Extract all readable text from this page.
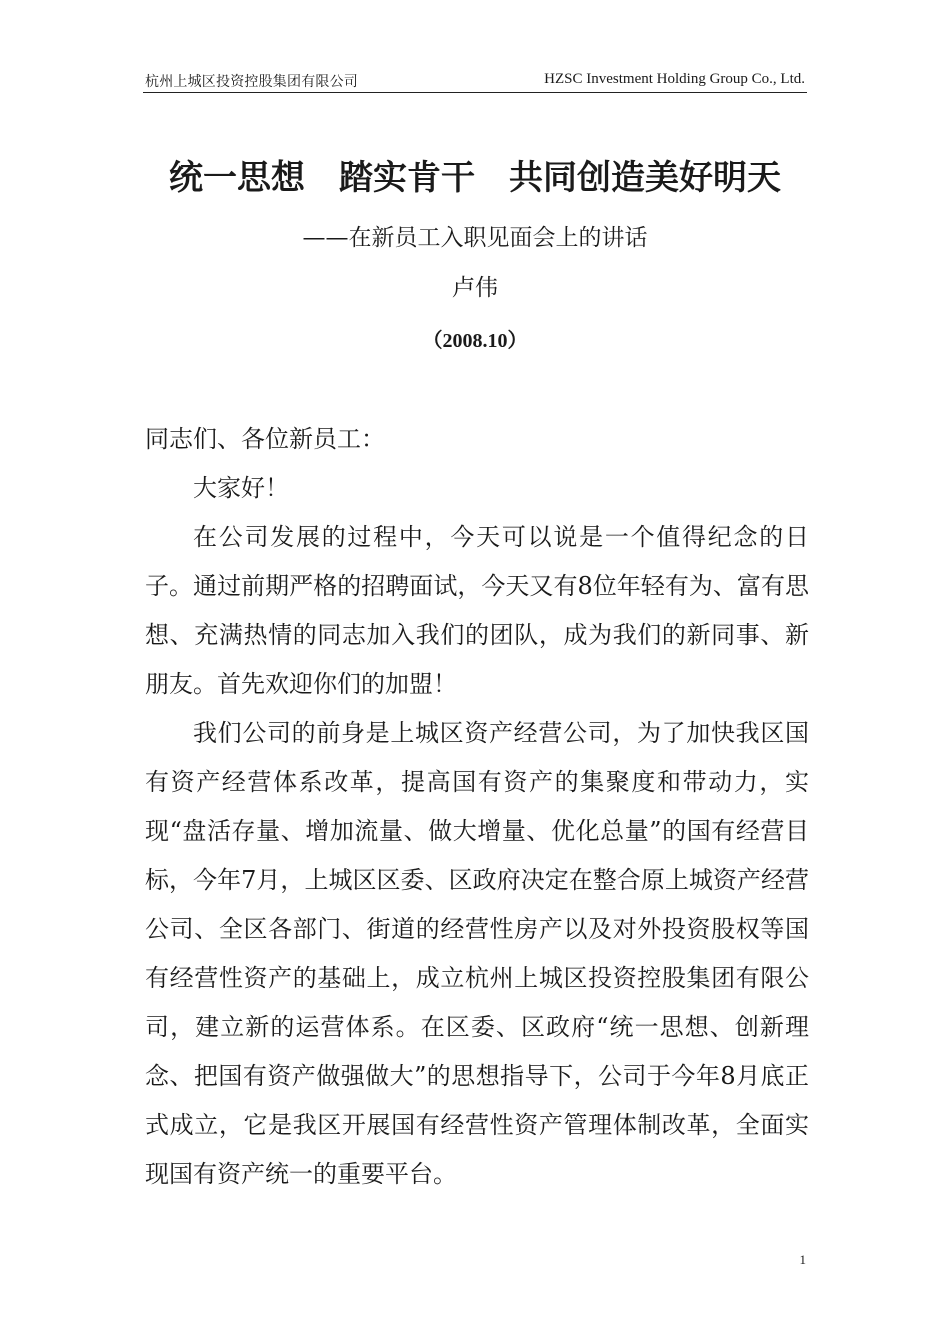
杭州上城区投资控股集团有限公司	HZSC Investment Holding Group Co., Ltd.
统一思想　踏实肯干　共同创造美好明天
——在新员工入职见面会上的讲话
卢伟
（2008.10）

同志们、各位新员工：

大家好！

在公司发展的过程中，今天可以说是一个值得纪念的日子。通过前期严格的招聘面试，今天又有8位年轻有为、富有思想、充满热情的同志加入我们的团队，成为我们的新同事、新朋友。首先欢迎你们的加盟！

我们公司的前身是上城区资产经营公司，为了加快我区国有资产经营体系改革，提高国有资产的集聚度和带动力，实现“盘活存量、增加流量、做大增量、优化总量”的国有经营目标，今年7月，上城区区委、区政府决定在整合原上城资产经营公司、全区各部门、街道的经营性房产以及对外投资股权等国有经营性资产的基础上，成立杭州上城区投资控股集团有限公司，建立新的运营体系。在区委、区政府“统一思想、创新理念、把国有资产做强做大”的思想指导下，公司于今年8月底正式成立，它是我区开展国有经营性资产管理体制改革，全面实现国有资产统一的重要平台。

1
